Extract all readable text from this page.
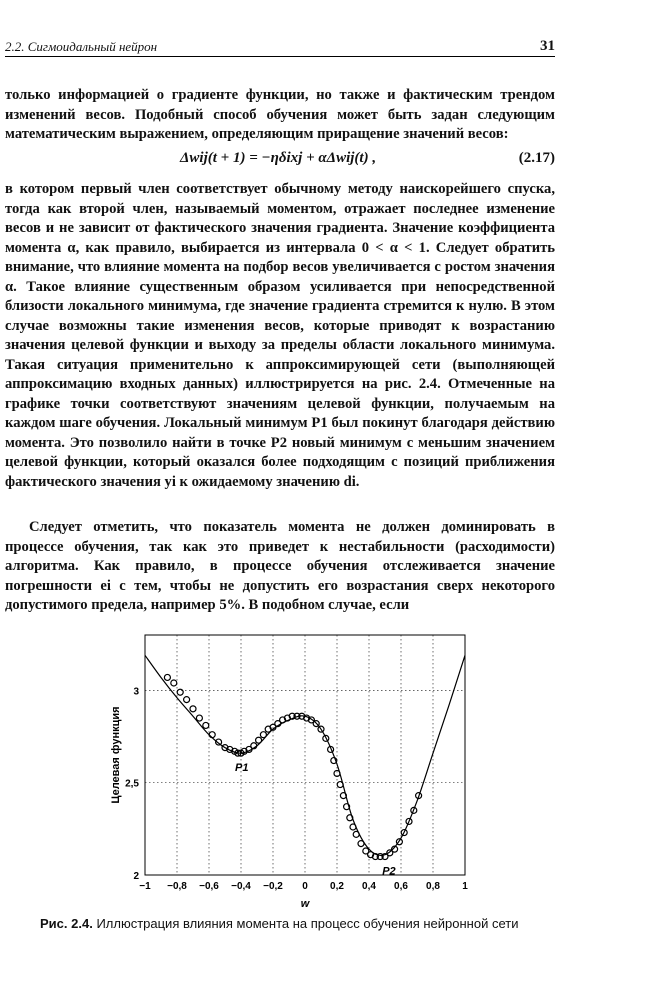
2.2. Сигмоидальный нейрон	31
только информацией о градиенте функции, но также и фактическим трендом изменений весов. Подобный способ обучения может быть задан следующим математическим выражением, определяющим приращение значений весов:
Δwij(t + 1) = −ηδixj + αΔwij(t) ,	(2.17)
в котором первый член соответствует обычному методу наискорейшего спуска, тогда как второй член, называемый моментом, отражает последнее изменение весов и не зависит от фактического значения градиента. Значение коэффициента момента α, как правило, выбирается из интервала 0 < α < 1. Следует обратить внимание, что влияние момента на подбор весов увеличивается с ростом значения α. Такое влияние существенным образом усиливается при непосредственной близости локального минимума, где значение градиента стремится к нулю. В этом случае возможны такие изменения весов, которые приводят к возрастанию значения целевой функции и выходу за пределы области локального минимума. Такая ситуация применительно к аппроксимирующей сети (выполняющей аппроксимацию входных данных) иллюстрируется на рис. 2.4. Отмеченные на графике точки соответствуют значениям целевой функции, получаемым на каждом шаге обучения. Локальный минимум P1 был покинут благодаря действию момента. Это позволило найти в точке P2 новый минимум с меньшим значением целевой функции, который оказался более подходящим с позиций приближения фактического значения yi к ожидаемому значению di.
Следует отметить, что показатель момента не должен доминировать в процессе обучения, так как это приведет к нестабильности (расходимости) алгоритма. Как правило, в процессе обучения отслеживается значение погрешности ei с тем, чтобы не допустить его возрастания сверх некоторого допустимого предела, например 5%. В подобном случае, если
−1 −0,8 −0,6 −0,4 −0,2 0 0,2 0,4 0,6 0,8 1
2
2,5
3
w
Целевая функция	P1
P2
Рис. 2.4. Иллюстрация влияния момента на процесс обучения нейронной сети
